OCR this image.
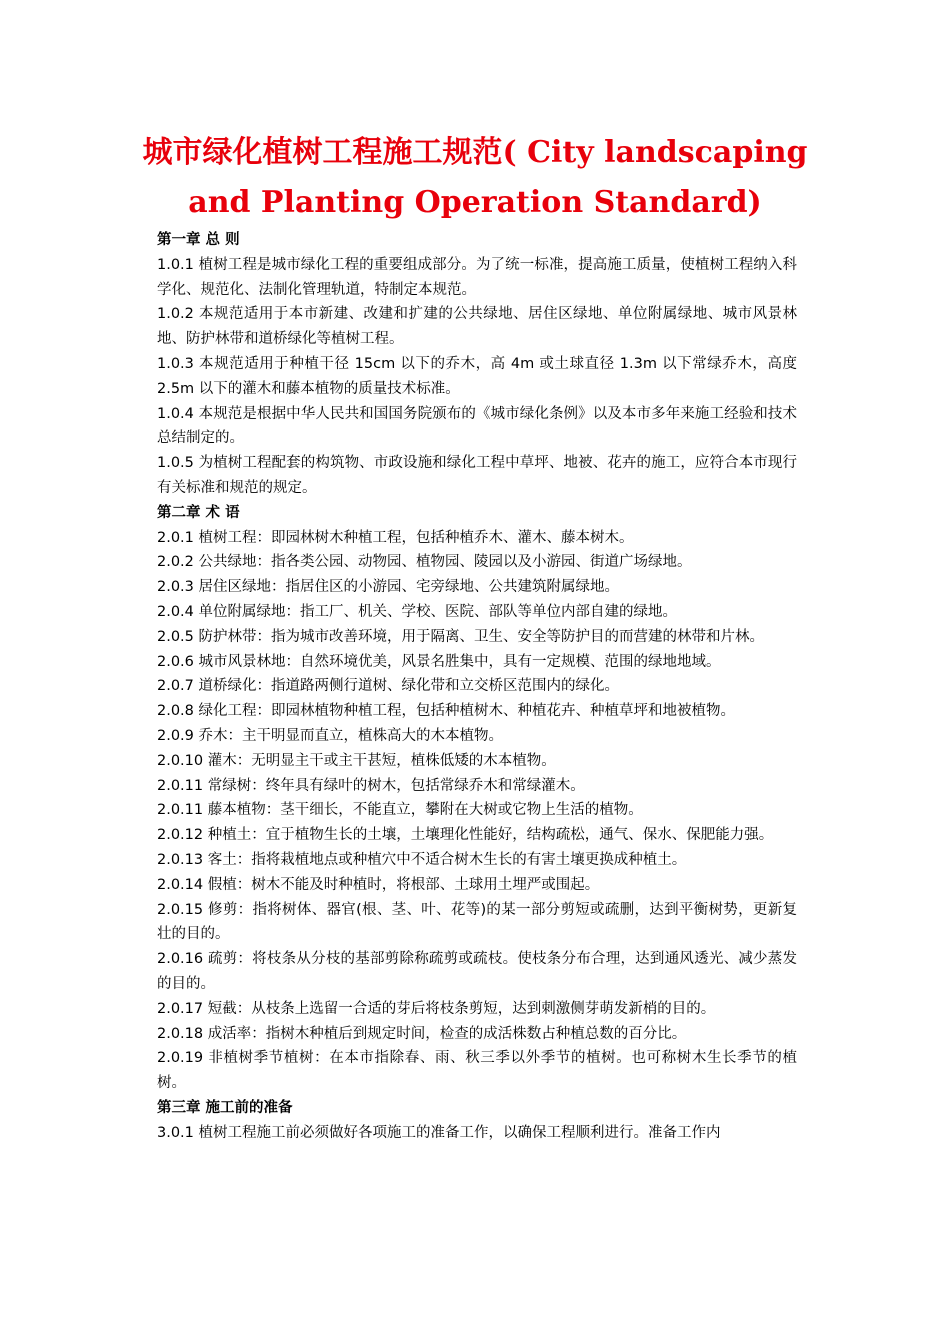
城市绿化植树工程施工规范( City landscaping
and Planting Operation Standard)

第一章 总 则

1.0.1 植树工程是城市绿化工程的重要组成部分。为了统一标准，提高施工质量，使植树工程纳入科学化、规范化、法制化管理轨道，特制定本规范。

1.0.2 本规范适用于本市新建、改建和扩建的公共绿地、居住区绿地、单位附属绿地、城市风景林地、防护林带和道桥绿化等植树工程。

1.0.3 本规范适用于种植干径 15cm 以下的乔木，高 4m 或土球直径 1.3m 以下常绿乔木，高度 2.5m 以下的灌木和藤本植物的质量技术标准。

1.0.4 本规范是根据中华人民共和国国务院颁布的《城市绿化条例》以及本市多年来施工经验和技术总结制定的。

1.0.5 为植树工程配套的构筑物、市政设施和绿化工程中草坪、地被、花卉的施工，应符合本市现行有关标准和规范的规定。

第二章 术 语

2.0.1 植树工程：即园林树木种植工程，包括种植乔木、灌木、藤本树木。

2.0.2 公共绿地：指各类公园、动物园、植物园、陵园以及小游园、街道广场绿地。

2.0.3 居住区绿地：指居住区的小游园、宅旁绿地、公共建筑附属绿地。

2.0.4 单位附属绿地：指工厂、机关、学校、医院、部队等单位内部自建的绿地。

2.0.5 防护林带：指为城市改善环境，用于隔离、卫生、安全等防护目的而营建的林带和片林。

2.0.6 城市风景林地：自然环境优美，风景名胜集中，具有一定规模、范围的绿地地域。

2.0.7 道桥绿化：指道路两侧行道树、绿化带和立交桥区范围内的绿化。

2.0.8 绿化工程：即园林植物种植工程，包括种植树木、种植花卉、种植草坪和地被植物。

2.0.9 乔木：主干明显而直立，植株高大的木本植物。

2.0.10 灌木：无明显主干或主干甚短，植株低矮的木本植物。

2.0.11 常绿树：终年具有绿叶的树木，包括常绿乔木和常绿灌木。

2.0.11 藤本植物：茎干细长，不能直立，攀附在大树或它物上生活的植物。

2.0.12 种植土：宜于植物生长的土壤，土壤理化性能好，结构疏松，通气、保水、保肥能力强。

2.0.13 客土：指将栽植地点或种植穴中不适合树木生长的有害土壤更换成种植土。

2.0.14 假植：树木不能及时种植时，将根部、土球用土埋严或围起。

2.0.15 修剪：指将树体、器官(根、茎、叶、花等)的某一部分剪短或疏删，达到平衡树势，更新复壮的目的。

2.0.16 疏剪：将枝条从分枝的基部剪除称疏剪或疏枝。使枝条分布合理，达到通风透光、减少蒸发的目的。

2.0.17 短截：从枝条上选留一合适的芽后将枝条剪短，达到刺激侧芽萌发新梢的目的。

2.0.18 成活率：指树木种植后到规定时间，检查的成活株数占种植总数的百分比。

2.0.19 非植树季节植树：在本市指除春、雨、秋三季以外季节的植树。也可称树木生长季节的植树。

第三章 施工前的准备

3.0.1 植树工程施工前必须做好各项施工的准备工作，以确保工程顺利进行。准备工作内
